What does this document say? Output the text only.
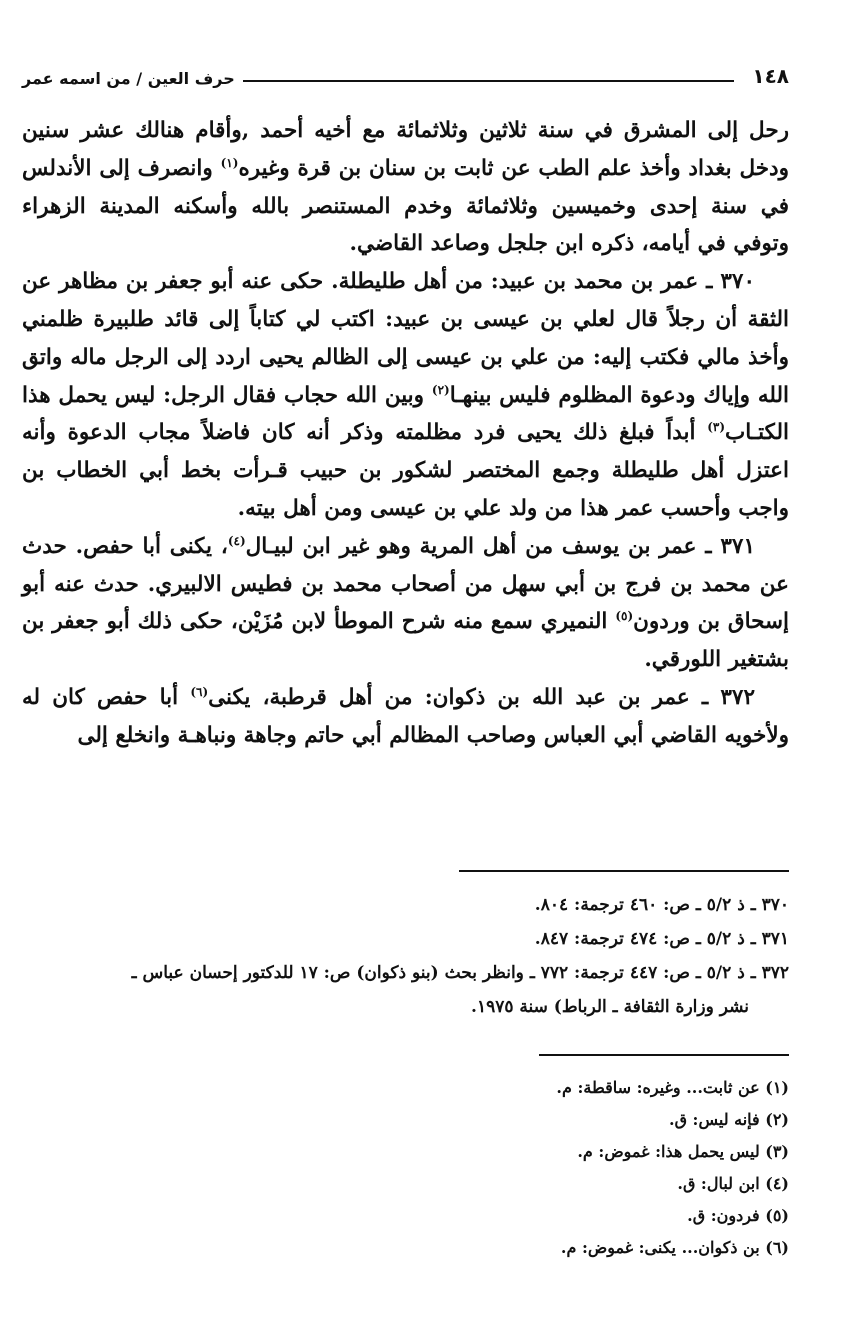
١٤٨
حرف العين / من اسمه عمر

رحل إلى المشرق في سنة ثلاثين وثلاثمائة مع أخيه أحمد ,وأقام هنالك عشر سنين ودخل بغداد وأخذ علم الطب عن ثابت بن سنان بن قرة وغيره$^{(١)}$ وانصرف إلى الأندلس في سنة إحدى وخميسين وثلاثمائة وخدم المستنصر بالله وأسكنه المدينة الزهراء وتوفي في أيامه، ذكره ابن جلجل وصاعد القاضي.

٣٧٠ ـ عمر بن محمد بن عبيد: من أهل طليطلة. حكى عنه أبو جعفر بن مظاهر عن الثقة أن رجلاً قال لعلي بن عيسى بن عبيد: اكتب لي كتاباً إلى قائد طلبيرة ظلمني وأخذ مالي فكتب إليه: من علي بن عيسى إلى الظالم يحيى اردد إلى الرجل ماله واتق الله وإياك ودعوة المظلوم فليس بينهـا$^{(٢)}$ وبين الله حجاب فقال الرجل: ليس يحمل هذا الكتـاب$^{(٣)}$ أبداً فبلغ ذلك يحيى فرد مظلمته وذكر أنه كان فاضلاً مجاب الدعوة وأنه اعتزل أهل طليطلة وجمع المختصر لشكور بن حبيب قـرأت بخط أبي الخطاب بن واجب وأحسب عمر هذا من ولد علي بن عيسى ومن أهل بيته.

٣٧١ ـ عمر بن يوسف من أهل المرية وهو غير ابن لبيـال$^{(٤)}$، يكنى أبا حفص. حدث عن محمد بن فرج بن أبي سهل من أصحاب محمد بن فطيس الالبيري. حدث عنه أبو إسحاق بن وردون$^{(٥)}$ النميري سمع منه شرح الموطأ لابن مُزَيْن، حكى ذلك أبو جعفر بن بشتغير اللورقي.

٣٧٢ ـ عمر بن عبد الله بن ذكوان: من أهل قرطبة، يكنى$^{(٦)}$ أبا حفص كان له ولأخويه القاضي أبي العباس وصاحب المظالم أبي حاتم وجاهة ونباهـة وانخلع إلى

٣٧٠ ـ ذ ٥/٢ ـ ص: ٤٦٠ ترجمة: ٨٠٤.

٣٧١ ـ ذ ٥/٢ ـ ص: ٤٧٤ ترجمة: ٨٤٧.

٣٧٢ ـ ذ ٥/٢ ـ ص: ٤٤٧ ترجمة: ٧٧٢ ـ وانظر بحث (بنو ذكوان) ص: ١٧ للدكتور إحسان عباس ـ

نشر وزارة الثقافة ـ الرباط) سنة ١٩٧٥.

(١) عن ثابت... وغيره: ساقطة: م.

(٢) فإنه ليس: ق.

(٣) ليس يحمل هذا: غموض: م.

(٤) ابن لبال: ق.

(٥) فردون: ق.

(٦) بن ذكوان... يكنى: غموض: م.
